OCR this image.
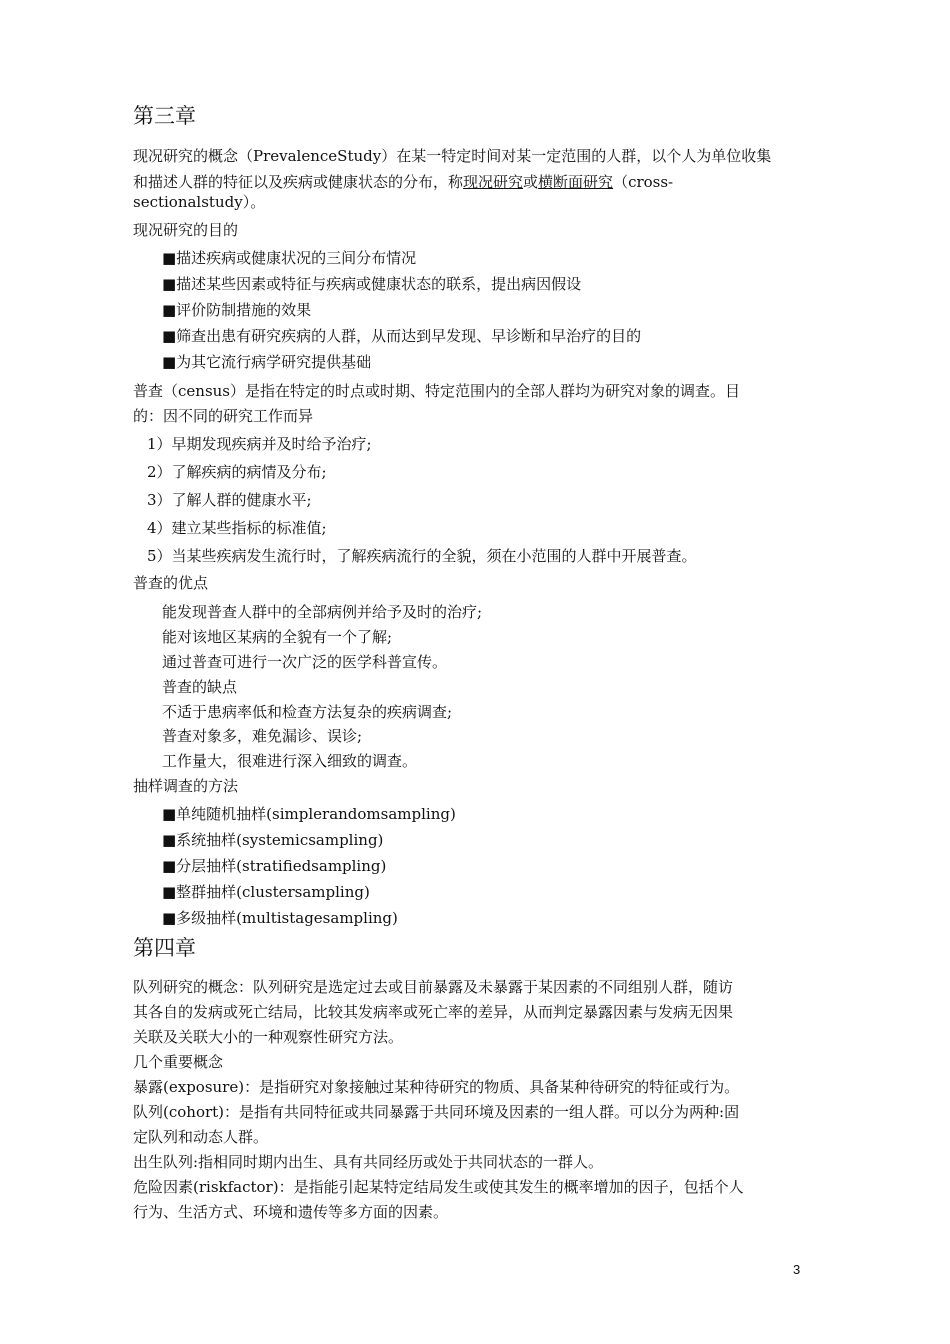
第三章
现况研究的概念（PrevalenceStudy）在某一特定时间对某一定范围的人群，以个人为单位收集
和描述人群的特征以及疾病或健康状态的分布，称现况研究或横断面研究（cross-
sectionalstudy）。
现况研究的目的
■描述疾病或健康状况的三间分布情况
■描述某些因素或特征与疾病或健康状态的联系，提出病因假设
■评价防制措施的效果
■筛查出患有研究疾病的人群，从而达到早发现、早诊断和早治疗的目的
■为其它流行病学研究提供基础
普查（census）是指在特定的时点或时期、特定范围内的全部人群均为研究对象的调查。目
的：因不同的研究工作而异
1）早期发现疾病并及时给予治疗;
2）了解疾病的病情及分布;
3）了解人群的健康水平;
4）建立某些指标的标准值;
5）当某些疾病发生流行时，了解疾病流行的全貌，须在小范围的人群中开展普查。
普查的优点
能发现普查人群中的全部病例并给予及时的治疗;
能对该地区某病的全貌有一个了解;
通过普查可进行一次广泛的医学科普宣传。
普查的缺点
不适于患病率低和检查方法复杂的疾病调查;
普查对象多，难免漏诊、误诊;
工作量大，很难进行深入细致的调查。
抽样调查的方法
■单纯随机抽样(simplerandomsampling)
■系统抽样(systemicsampling)
■分层抽样(stratifiedsampling)
■整群抽样(clustersampling)
■多级抽样(multistagesampling)
第四章
队列研究的概念：队列研究是选定过去或目前暴露及未暴露于某因素的不同组别人群，随访
其各自的发病或死亡结局，比较其发病率或死亡率的差异，从而判定暴露因素与发病无因果
关联及关联大小的一种观察性研究方法。
几个重要概念
暴露(exposure)：是指研究对象接触过某种待研究的物质、具备某种待研究的特征或行为。
队列(cohort)：是指有共同特征或共同暴露于共同环境及因素的一组人群。可以分为两种:固
定队列和动态人群。
出生队列:指相同时期内出生、具有共同经历或处于共同状态的一群人。
危险因素(riskfactor)：是指能引起某特定结局发生或使其发生的概率增加的因子，包括个人
行为、生活方式、环境和遗传等多方面的因素。
3
